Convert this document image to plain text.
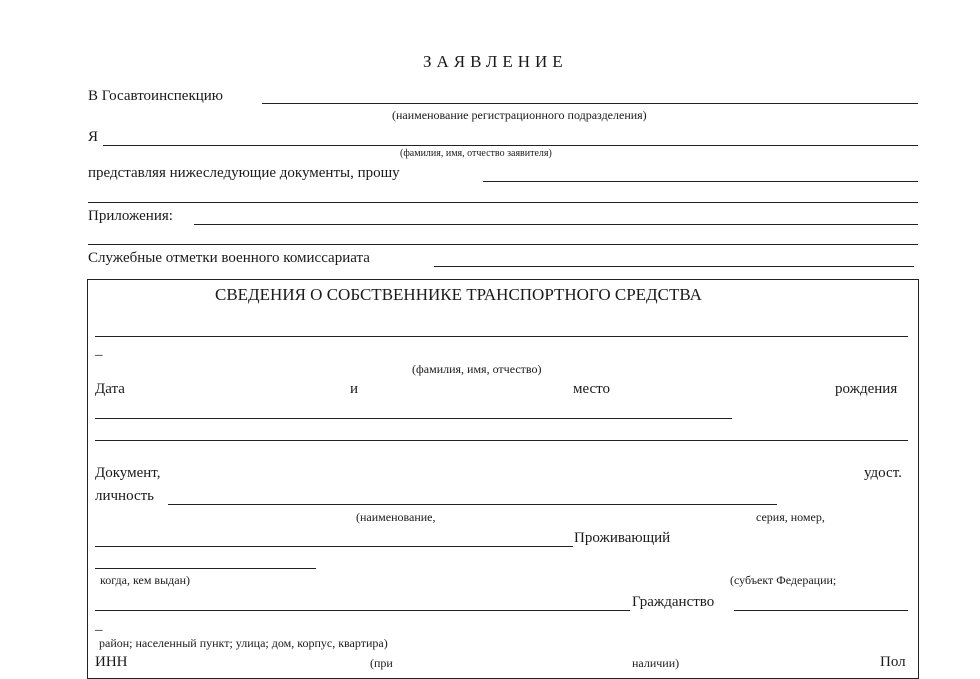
ЗАЯВЛЕНИЕ
В Госавтоинспекцию
(наименование регистрационного подразделения)
Я
(фамилия, имя, отчество заявителя)
представляя нижеследующие документы, прошу
Приложения:
Служебные отметки военного комиссариата
СВЕДЕНИЯ О СОБСТВЕННИКЕ ТРАНСПОРТНОГО СРЕДСТВА
_
(фамилия, имя, отчество)
Дата	и	место	рождения
Документ,	удост.
личность
(наименование,	серия, номер,
Проживающий
когда, кем выдан)	(субъект Федерации;
Гражданство
_
район; населенный пункт; улица; дом, корпус, квартира)
ИНН	(при	наличии)	Пол
